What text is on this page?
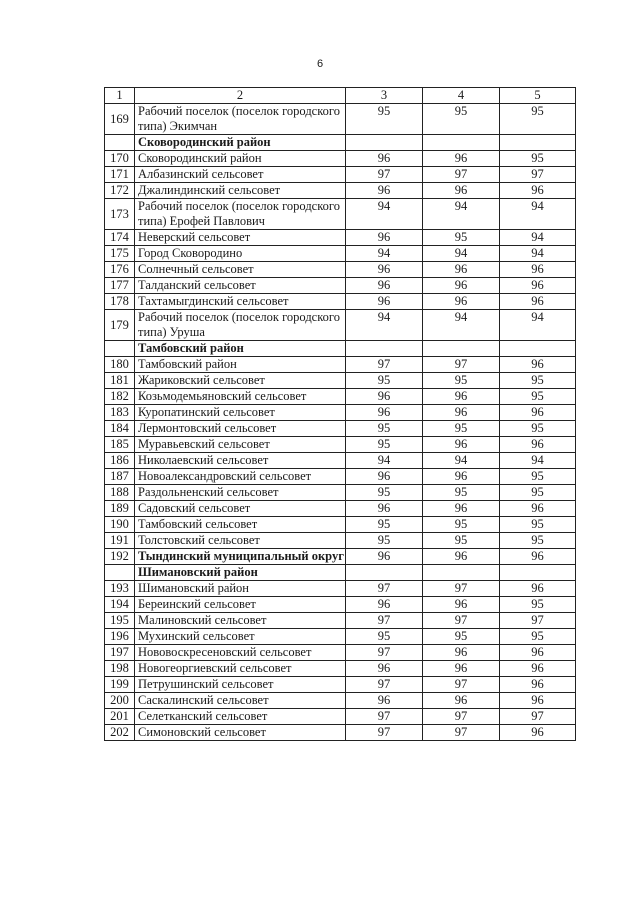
6
1	2	3	4	5
169	Рабочий поселок (поселок городского типа) Экимчан	95	95	95
	Сковородинский район			
170	Сковородинский район	96	96	95
171	Албазинский сельсовет	97	97	97
172	Джалиндинский сельсовет	96	96	96
173	Рабочий поселок (поселок городского типа) Ерофей Павлович	94	94	94
174	Неверский сельсовет	96	95	94
175	Город Сковородино	94	94	94
176	Солнечный сельсовет	96	96	96
177	Талданский сельсовет	96	96	96
178	Тахтамыгдинский сельсовет	96	96	96
179	Рабочий поселок (поселок городского типа) Уруша	94	94	94
	Тамбовский район			
180	Тамбовский район	97	97	96
181	Жариковский сельсовет	95	95	95
182	Козьмодемьяновский сельсовет	96	96	95
183	Куропатинский сельсовет	96	96	96
184	Лермонтовский сельсовет	95	95	95
185	Муравьевский сельсовет	95	96	96
186	Николаевский сельсовет	94	94	94
187	Новоалександровский сельсовет	96	96	95
188	Раздольненский сельсовет	95	95	95
189	Садовский сельсовет	96	96	96
190	Тамбовский сельсовет	95	95	95
191	Толстовский сельсовет	95	95	95
192	Тындинский муниципальный округ	96	96	96
	Шимановский район			
193	Шимановский район	97	97	96
194	Береинский сельсовет	96	96	95
195	Малиновский сельсовет	97	97	97
196	Мухинский сельсовет	95	95	95
197	Нововоскресеновский сельсовет	97	96	96
198	Новогеоргиевский сельсовет	96	96	96
199	Петрушинский сельсовет	97	97	96
200	Саскалинский сельсовет	96	96	96
201	Селетканский сельсовет	97	97	97
202	Симоновский сельсовет	97	97	96
